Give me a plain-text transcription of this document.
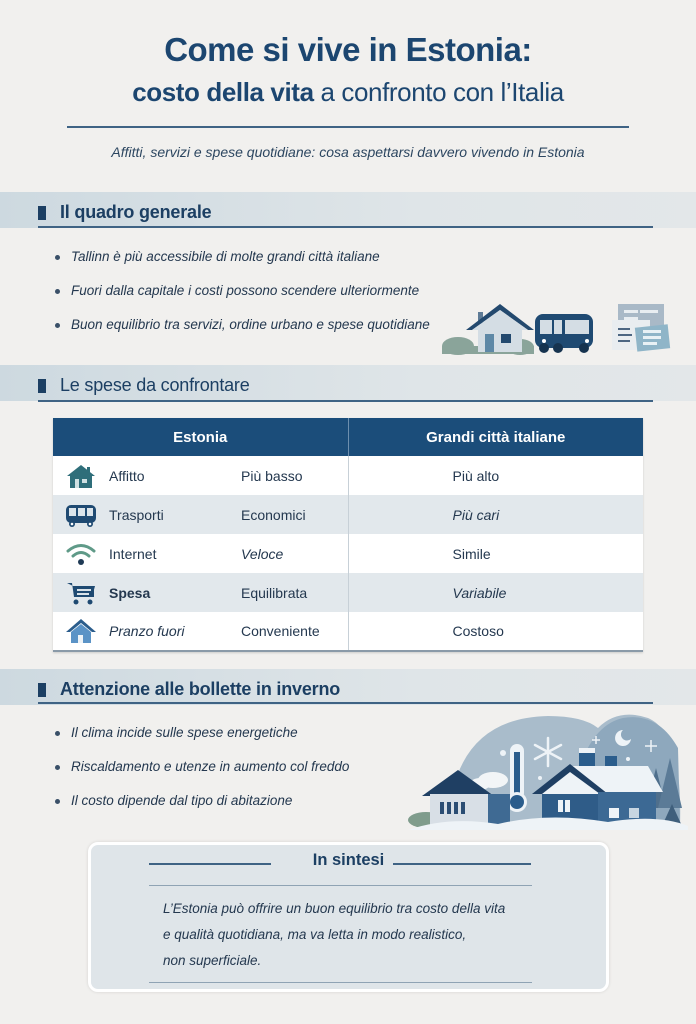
Come si vive in Estonia:
costo della vita a confronto con l’Italia
Affitti, servizi e spese quotidiane: cosa aspettarsi davvero vivendo in Estonia
Il quadro generale
Tallinn è più accessibile di molte grandi città italiane
Fuori dalla capitale i costi possono scendere ulteriormente
Buon equilibrio tra servizi, ordine urbano e spese quotidiane
Le spese da confrontare
Estonia		Grandi città italiane

Affitto	Più basso	Più alto

Trasporti	Economici	Più cari

Internet	Veloce	Simile

Spesa	Equilibrata	Variabile

Pranzo fuori	Conveniente	Costoso
Attenzione alle bollette in inverno
Il clima incide sulle spese energetiche
Riscaldamento e utenze in aumento col freddo
Il costo dipende dal tipo di abitazione
In sintesi
L’Estonia può offrire un buon equilibrio tra costo della vita
e qualità quotidiana, ma va letta in modo realistico,
non superficiale.
